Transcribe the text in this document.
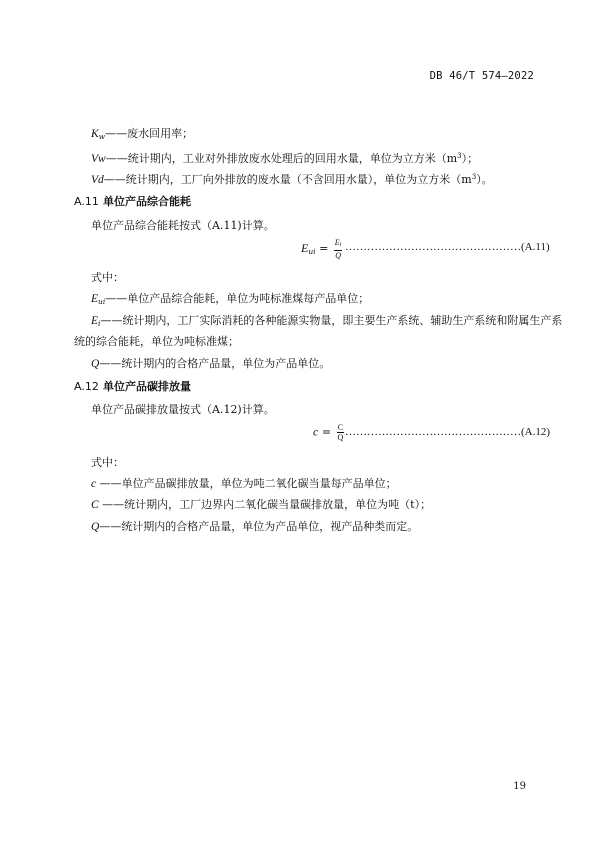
DB 46/T 574—2022
$K_w——$废水回用率；
Vw——统计期内，工业对外排放废水处理后的回用水量，单位为立方米$(m^3)$；
Vd——统计期内，工厂向外排放的废水量（不含回用水量），单位为立方米$(m^3)$。
A.11 单位产品综合能耗
单位产品综合能耗按式（A.11)计算。
$E_{ui} = \frac{Ei}{Q}$ …………………………………………(A.11)
式中：
$E_{ui}——$单位产品综合能耗，单位为吨标准煤每产品单位；
$E_i——$统计期内，工厂实际消耗的各种能源实物量，即主要生产系统、辅助生产系统和附属生产系
统的综合能耗，单位为吨标准煤；
Q——统计期内的合格产品量，单位为产品单位。
A.12 单位产品碳排放量
单位产品碳排放量按式（A.12)计算。
$c = \frac{C}{Q}$ …………………………………………(A.12)
式中：
c ——单位产品碳排放量，单位为吨二氧化碳当量每产品单位；
C ——统计期内，工厂边界内二氧化碳当量碳排放量，单位为吨（t）；
Q——统计期内的合格产品量，单位为产品单位，视产品种类而定。
19
